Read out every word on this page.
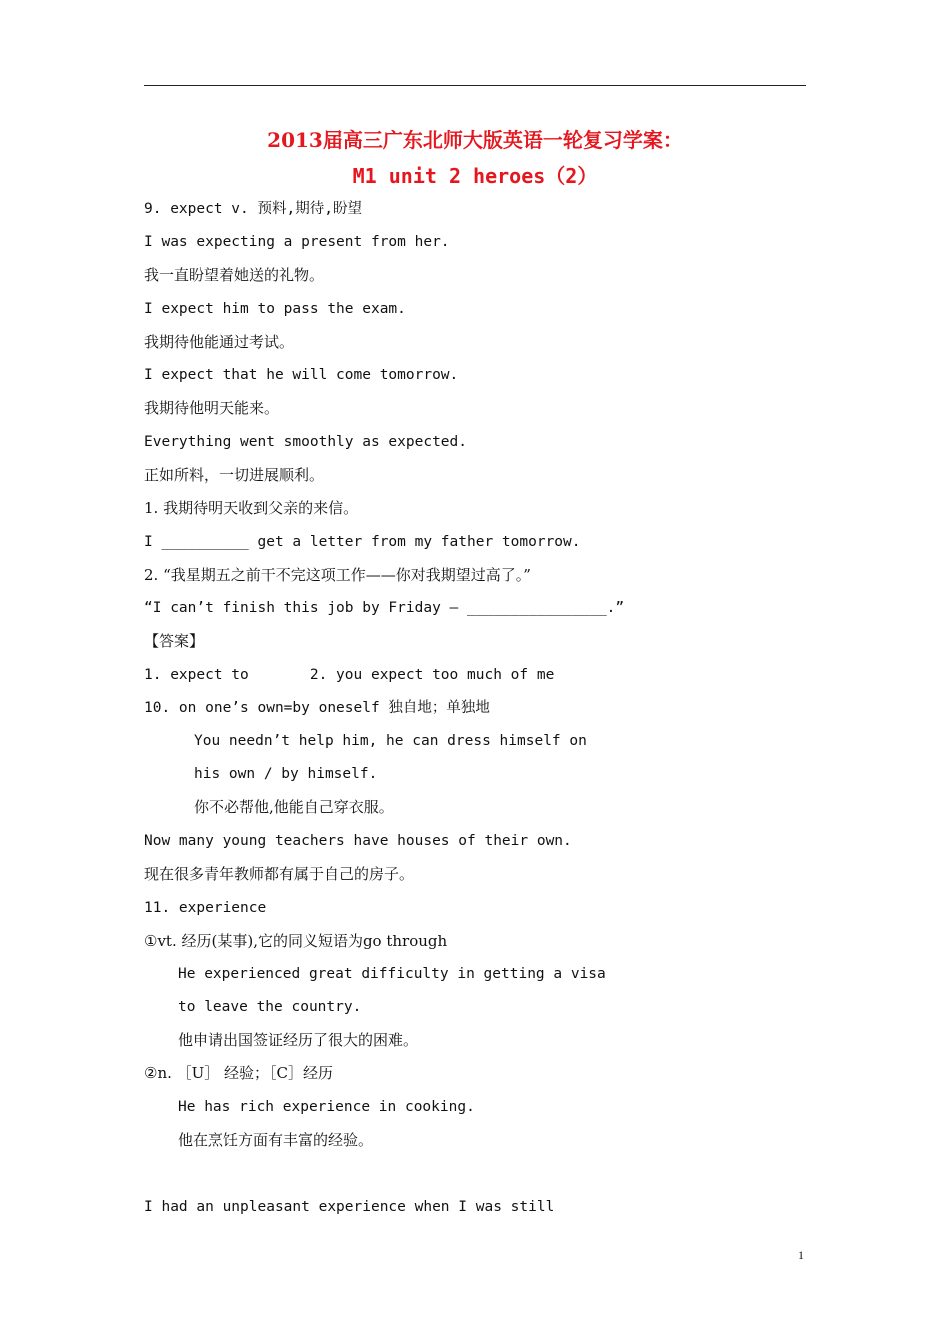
2013届高三广东北师大版英语一轮复习学案：
M1 unit 2 heroes（2）
9. expect v. 预料,期待,盼望
I was expecting a present from her.
我一直盼望着她送的礼物。
I expect him to pass the exam.
我期待他能通过考试。
I expect that he will come tomorrow.
我期待他明天能来。
Everything went smoothly as expected.
正如所料，一切进展顺利。
1. 我期待明天收到父亲的来信。
I __________ get a letter from my father tomorrow.
2. “我星期五之前干不完这项工作——你对我期望过高了。”
“I can’t finish this job by Friday — ________________.”
【答案】
1. expect to       2. you expect too much of me
10. on one’s own=by oneself 独自地；单独地
You needn’t help him, he can dress himself on
his own / by himself.
你不必帮他,他能自己穿衣服。
Now many young teachers have houses of their own.
现在很多青年教师都有属于自己的房子。
11. experience
①vt. 经历(某事),它的同义短语为go through
He experienced great difficulty in getting a visa
to leave the country.
他申请出国签证经历了很大的困难。
②n. ［U］ 经验；［C］经历
He has rich experience in cooking.
他在烹饪方面有丰富的经验。
I had an unpleasant experience when I was still
1
